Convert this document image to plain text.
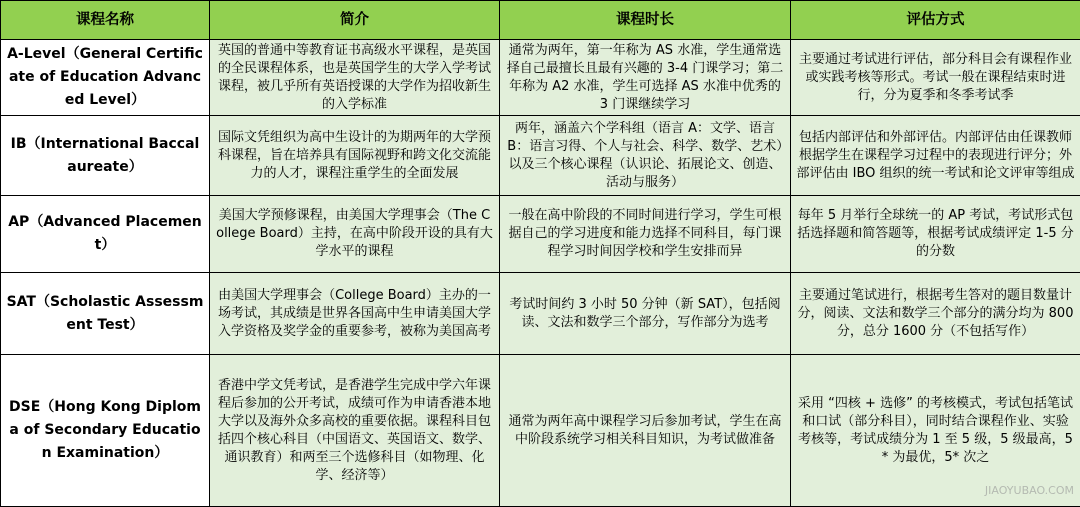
课程名称	简介	课程时长	评估方式
A-Level（General Certificate of Education Advanced Level）	英国的普通中等教育证书高级水平课程，是英国的全民课程体系，也是英国学生的大学入学考试课程，被几乎所有英语授课的大学作为招收新生的入学标准	通常为两年，第一年称为 AS 水准，学生通常选择自己最擅长且最有兴趣的 3-4 门课学习；第二年称为 A2 水准，学生可选择 AS 水准中优秀的 3 门课继续学习	主要通过考试进行评估，部分科目会有课程作业或实践考核等形式。考试一般在课程结束时进行，分为夏季和冬季考试季
IB（International Baccalaureate）	国际文凭组织为高中生设计的为期两年的大学预科课程，旨在培养具有国际视野和跨文化交流能力的人才，课程注重学生的全面发展	两年，涵盖六个学科组（语言 A：文学、语言 B：语言习得、个人与社会、科学、数学、艺术）以及三个核心课程（认识论、拓展论文、创造、活动与服务）	包括内部评估和外部评估。内部评估由任课教师根据学生在课程学习过程中的表现进行评分；外部评估由 IBO 组织的统一考试和论文评审等组成
AP（Advanced Placement）	美国大学预修课程，由美国大学理事会（The College Board）主持，在高中阶段开设的具有大学水平的课程	一般在高中阶段的不同时间进行学习，学生可根据自己的学习进度和能力选择不同科目，每门课程学习时间因学校和学生安排而异	每年 5 月举行全球统一的 AP 考试，考试形式包括选择题和简答题等，根据考试成绩评定 1-5 分的分数
SAT（Scholastic Assessment Test）	由美国大学理事会（College Board）主办的一场考试，其成绩是世界各国高中生申请美国大学入学资格及奖学金的重要参考，被称为美国高考	考试时间约 3 小时 50 分钟（新 SAT），包括阅读、文法和数学三个部分，写作部分为选考	主要通过笔试进行，根据考生答对的题目数量计分，阅读、文法和数学三个部分的满分均为 800 分，总分 1600 分（不包括写作）
DSE（Hong Kong Diploma of Secondary Education Examination）	香港中学文凭考试，是香港学生完成中学六年课程后参加的公开考试，成绩可作为申请香港本地大学以及海外众多高校的重要依据。课程科目包括四个核心科目（中国语文、英国语文、数学、通识教育）和两至三个选修科目（如物理、化学、经济等）	通常为两年高中课程学习后参加考试，学生在高中阶段系统学习相关科目知识，为考试做准备	采用 “四核 + 选修” 的考核模式，考试包括笔试和口试（部分科目），同时结合课程作业、实验考核等，考试成绩分为 1 至 5 级，5 级最高，5* 为最优，5* 次之
JIAOYUBAO.COM
